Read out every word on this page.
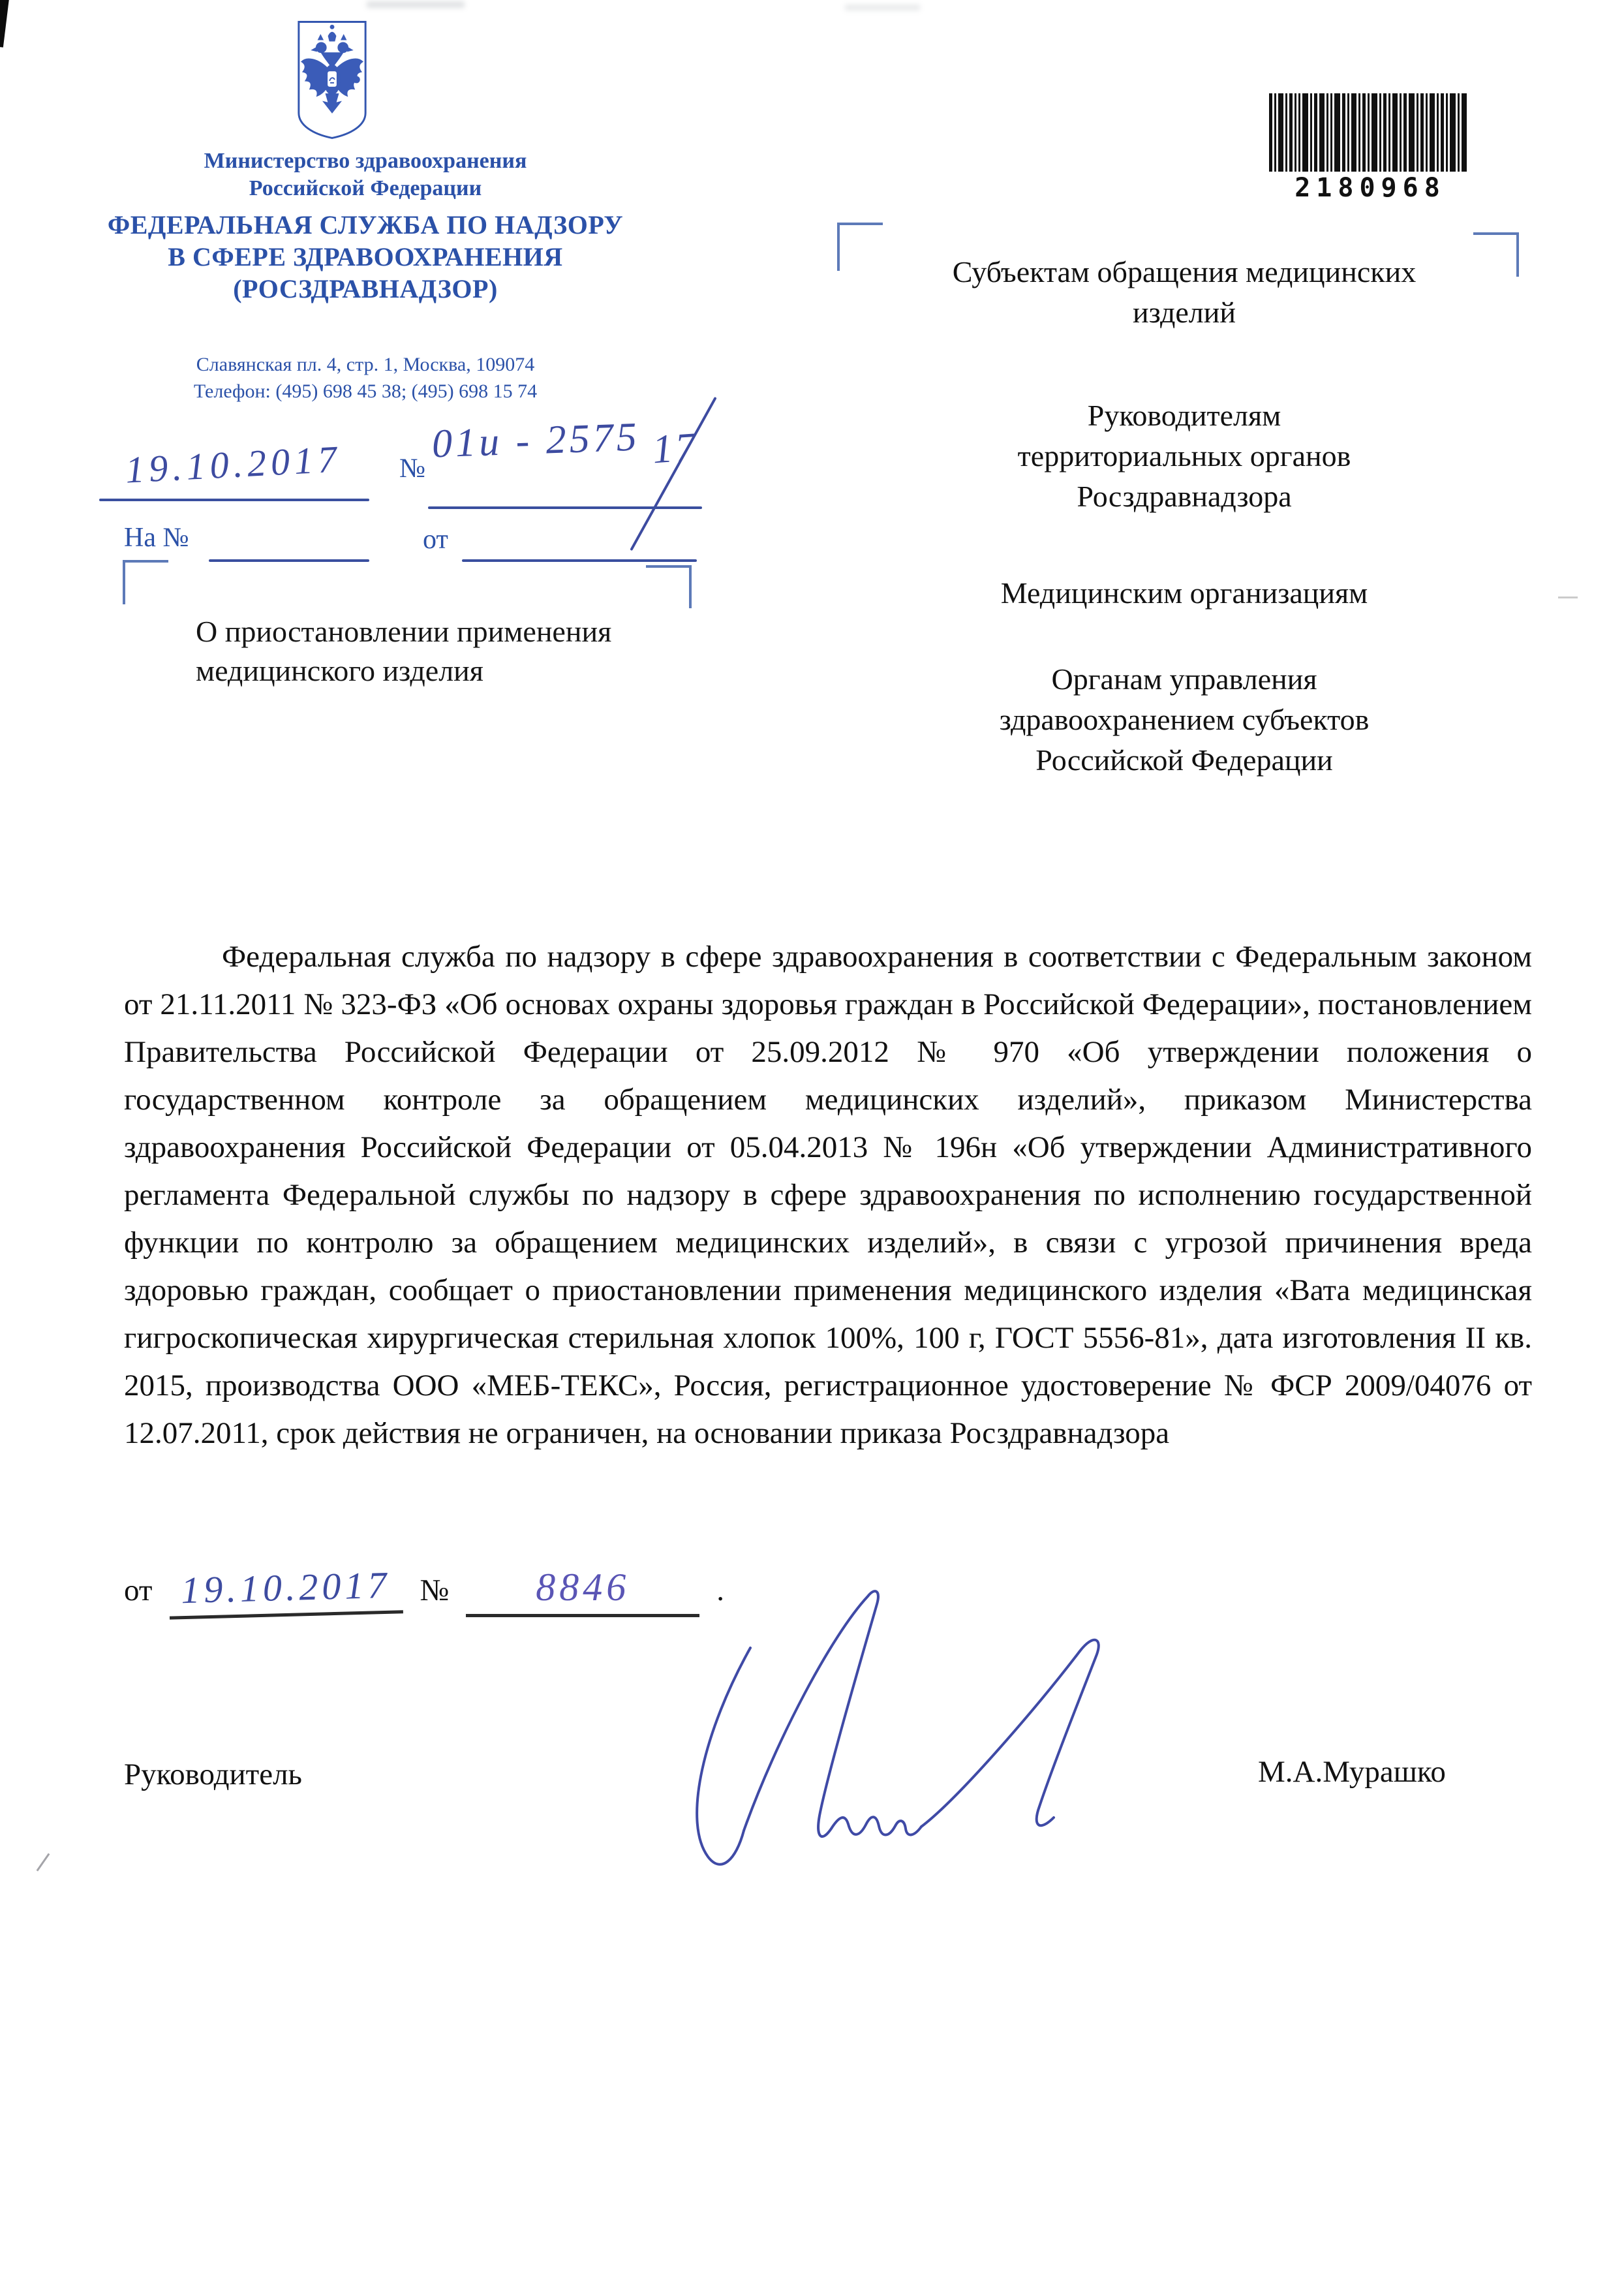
Министерство здравоохранения
Российской Федерации
ФЕДЕРАЛЬНАЯ СЛУЖБА ПО НАДЗОРУ
В СФЕРЕ ЗДРАВООХРАНЕНИЯ
(РОСЗДРАВНАДЗОР)
Славянская пл. 4, стр. 1, Москва, 109074
Телефон: (495) 698 45 38; (495) 698 15 74
19.10.2017 №
01и - 2575 17
На №	от
О приостановлении применения медицинского изделия
2180968
Субъектам обращения медицинских изделий
Руководителям территориальных органов Росздравнадзора
Медицинским организациям
Органам управления здравоохранением субъектов Российской Федерации
Федеральная служба по надзору в сфере здравоохранения в соответствии с Федеральным законом от 21.11.2011 № 323-ФЗ «Об основах охраны здоровья граждан в Российской Федерации», постановлением Правительства Российской Федерации от 25.09.2012 № 970 «Об утверждении положения о государственном контроле за обращением медицинских изделий», приказом Министерства здравоохранения Российской Федерации от 05.04.2013 № 196н «Об утверждении Административного регламента Федеральной службы по надзору в сфере здравоохранения по исполнению государственной функции по контролю за обращением медицинских изделий», в связи с угрозой причинения вреда здоровью граждан, сообщает о приостановлении применения медицинского изделия «Вата медицинская гигроскопическая хирургическая стерильная хлопок 100%, 100 г, ГОСТ 5556-81», дата изготовления II кв. 2015, производства ООО «МЕБ-ТЕКС», Россия, регистрационное удостоверение № ФСР 2009/04076 от 12.07.2011, срок действия не ограничен, на основании приказа Росздравнадзора
от 19.10.2017 № 8846	.
Руководитель	М.А.Мурашко
